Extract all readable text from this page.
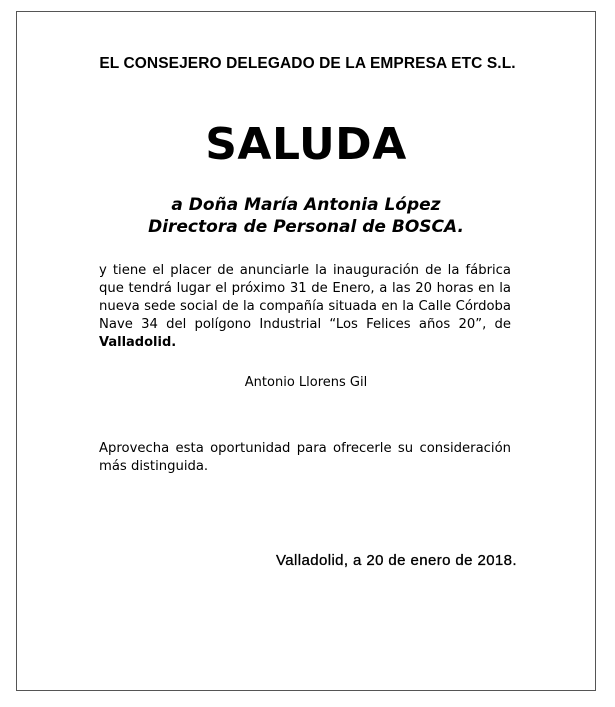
EL CONSEJERO DELEGADO DE LA EMPRESA ETC S.L.
SALUDA
a Doña María Antonia López
Directora de Personal de BOSCA.
y tiene el placer de anunciarle la inauguración de la fábrica que tendrá lugar el próximo 31 de Enero, a las 20 horas en la nueva sede social de la compañía situada en la Calle Córdoba Nave 34 del polígono Industrial “Los Felices años 20”, de Valladolid.
Antonio Llorens Gil
Aprovecha esta oportunidad para ofrecerle su consideración más distinguida.
Valladolid, a 20 de enero de 2018.
